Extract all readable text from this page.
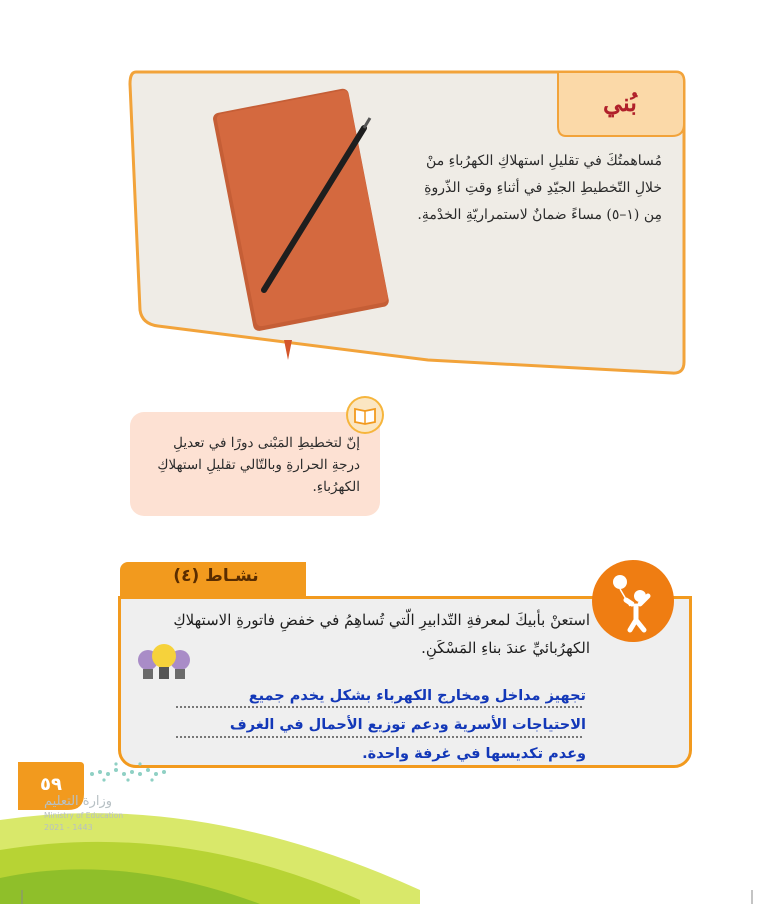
بُني
مُساهمتُكَ في تقليلِ استهلاكِ الكهرُباءِ منْ
خلالِ التّخطيطِ الجيّدِ في أثناءِ وقتِ الذّروةِ
مِن (١–٥) مساءً ضمانٌ لاستمراريّةِ الخدْمةِ.
إنّ لتخطيطِ المَبْنى دورًا في تعديلِ
درجةِ الحرارةِ وبالتّالي تقليلِ استهلاكِ
الكهرُباءِ.
نشـاط (٤)
استعنْ بأبيكَ لمعرفةِ التّدابيرِ الّتي تُساهِمُ في خفضِ فاتورةِ الاستهلاكِ
الكهرُبائيِّ عندَ بناءِ المَسْكَنِ.
تجهيز مداخل ومخارج الكهرباء بشكل يخدم جميع
الاحتياجات الأسرية ودعم توزيع الأحمال في الغرف
وعدم تكديسها في غرفة واحدة.
٥٩
وزارة التعليم
Ministry of Education
2021 - 1443
